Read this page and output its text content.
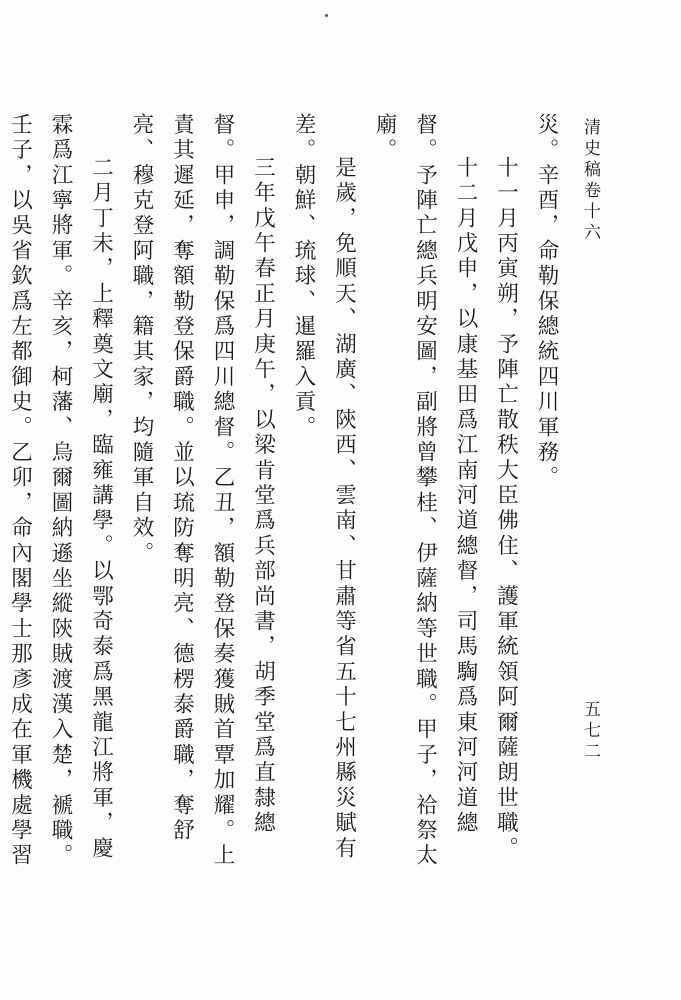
清史稿卷十六
五七二

災。辛酉，命勒保總統四川軍務。

十一月丙寅朔，予陣亡散秩大臣佛住、護軍統領阿爾薩朗世職。

十二月戊申，以康基田爲江南河道總督，司馬騊爲東河河道總督。予陣亡總兵明安圖，副將曾攀桂、伊薩納等世職。甲子，祫祭太廟。

是歲，免順天、湖廣、陝西、雲南、甘肅等省五十七州縣災賦有差。朝鮮、琉球、暹羅入貢。

三年戊午春正月庚午，以梁肯堂爲兵部尚書，胡季堂爲直隸總督。甲申，調勒保爲四川總督。乙丑，額勒登保奏獲賊首覃加耀。上責其遲延，奪額勒登保爵職。並以琉防奪明亮、德楞泰爵職，奪舒亮、穆克登阿職，籍其家，均隨軍自效。

二月丁未，上釋奠文廟，臨雍講學。以鄂奇泰爲黑龍江將軍，慶霖爲江寧將軍。辛亥，柯藩、烏爾圖納遜坐縱陝賊渡漢入楚，褫職。壬子，以吳省欽爲左都御史。乙卯，命內閣學士那彥成在軍機處學習
